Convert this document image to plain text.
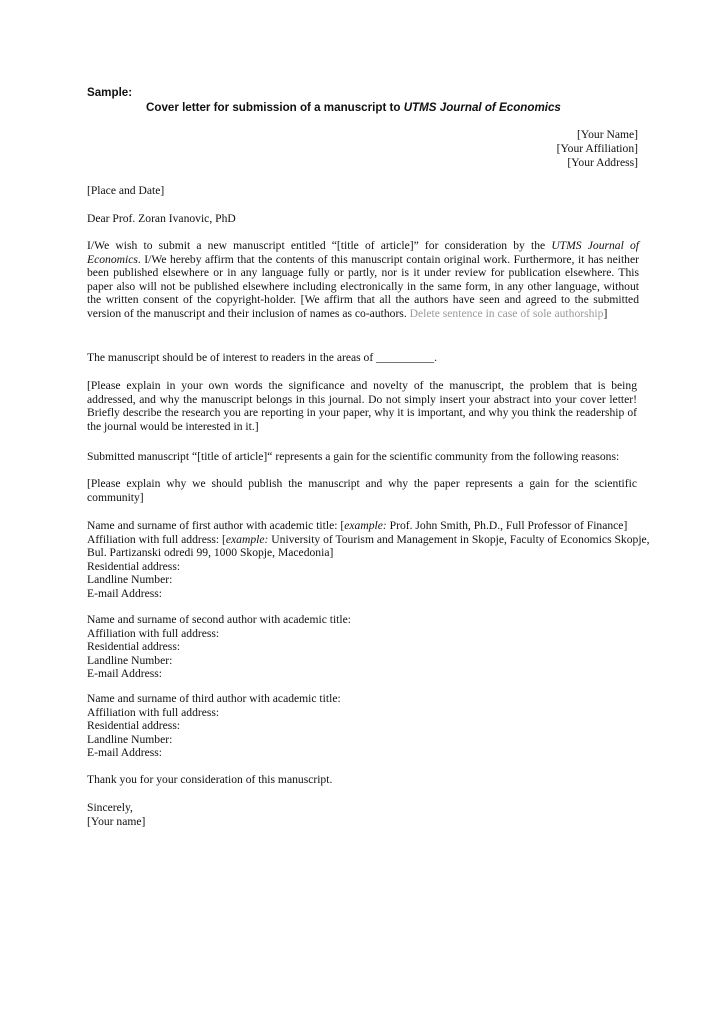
Sample:
Cover letter for submission of a manuscript to UTMS Journal of Economics
[Your Name]
[Your Affiliation]
[Your Address]

[Place and Date]

Dear Prof. Zoran Ivanovic, PhD

I/We wish to submit a new manuscript entitled “[title of article]” for consideration by the UTMS Journal of Economics. I/We hereby affirm that the contents of this manuscript contain original work. Furthermore, it has neither been published elsewhere or in any language fully or partly, nor is it under review for publication elsewhere. This paper also will not be published elsewhere including electronically in the same form, in any other language, without the written consent of the copyright-holder. [We affirm that all the authors have seen and agreed to the submitted version of the manuscript and their inclusion of names as co-authors. Delete sentence in case of sole authorship]

The manuscript should be of interest to readers in the areas of __________.

[Please explain in your own words the significance and novelty of the manuscript, the problem that is being addressed, and why the manuscript belongs in this journal. Do not simply insert your abstract into your cover letter! Briefly describe the research you are reporting in your paper, why it is important, and why you think the readership of the journal would be interested in it.]

Submitted manuscript “[title of article]“ represents a gain for the scientific community from the following reasons:

[Please explain why we should publish the manuscript and why the paper represents a gain for the scientific community]

Name and surname of first author with academic title: [example: Prof. John Smith, Ph.D., Full Professor of Finance]
Affiliation with full address: [example: University of Tourism and Management in Skopje, Faculty of Economics Skopje,
Bul. Partizanski odredi 99, 1000 Skopje, Macedonia]
Residential address:
Landline Number:
E-mail Address:
Name and surname of second author with academic title:
Affiliation with full address:
Residential address:
Landline Number:
E-mail Address:
Name and surname of third author with academic title:
Affiliation with full address:
Residential address:
Landline Number:
E-mail Address:

Thank you for your consideration of this manuscript.

Sincerely,

[Your name]
